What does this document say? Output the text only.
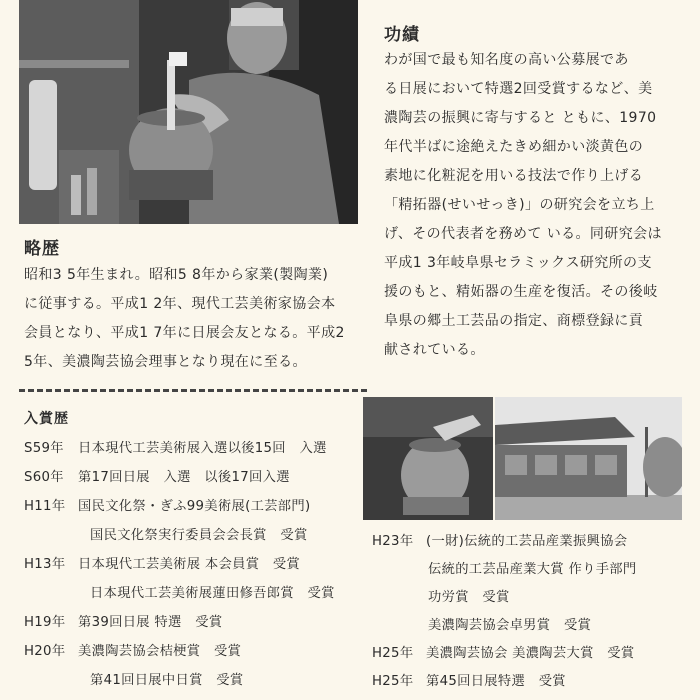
略歴
昭和3 5年生まれ。昭和5 8年から家業(製陶業)
に従事する。平成1 2年、現代工芸美術家協会本
会員となり、平成1 7年に日展会友となる。平成2
5年、美濃陶芸協会理事となり現在に至る。
功績
わが国で最も知名度の高い公募展であ
る日展において特選2回受賞するなど、美
濃陶芸の振興に寄与すると ともに、1970
年代半ばに途絶えたきめ細かい淡黄色の
素地に化粧泥を用いる技法で作り上げる
「精拓器(せいせっき)」の研究会を立ち上
げ、その代表者を務めて いる。同研究会は
平成1 3年岐阜県セラミックス研究所の支
援のもと、精妬器の生産を復活。その後岐
阜県の郷土工芸品の指定、商標登録に貢
献されている。
入賞歴
S59年 日本現代工芸美術展入選以後15回　入選
S60年 第17回日展　入選　以後17回入選
H11年 国民文化祭・ぎふ99美術展(工芸部門)
国民文化祭実行委員会会長賞　受賞
H13年 日本現代工芸美術展 本会員賞　受賞
日本現代工芸美術展蓮田修吾郎賞　受賞
H19年 第39回日展 特選　受賞
H20年 美濃陶芸協会桔梗賞　受賞
第41回日展中日賞　受賞
H23年 (一財)伝統的工芸品産業振興協会
伝統的工芸品産業大賞 作り手部門
功労賞　受賞
美濃陶芸協会卓男賞　受賞
H25年 美濃陶芸協会 美濃陶芸大賞　受賞
H25年 第45回日展特選　受賞
